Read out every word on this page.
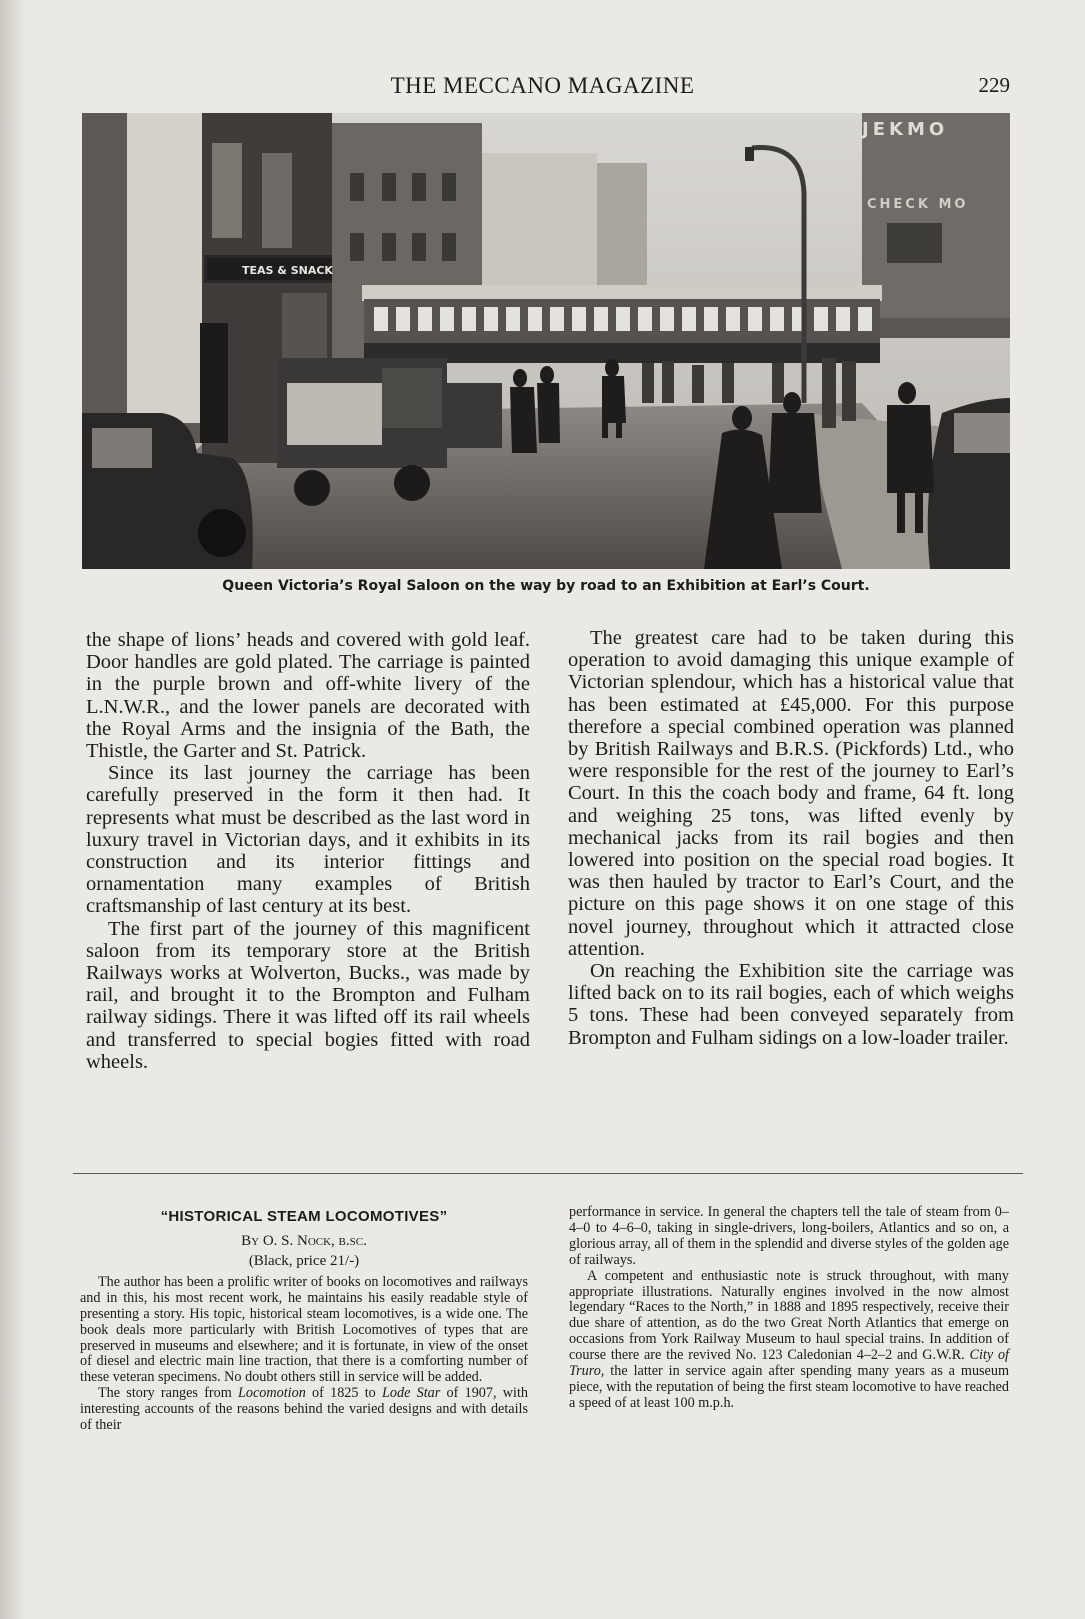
THE MECCANO MAGAZINE	229
TEAS & SNACK
JEKMO
CHECK MO
Queen Victoria’s Royal Saloon on the way by road to an Exhibition at Earl’s Court.

the shape of lions’ heads and covered with gold leaf. Door handles are gold plated. The carriage is painted in the purple brown and off-white livery of the L.N.W.R., and the lower panels are decorated with the Royal Arms and the insignia of the Bath, the Thistle, the Garter and St. Patrick.

Since its last journey the carriage has been carefully preserved in the form it then had. It represents what must be described as the last word in luxury travel in Victorian days, and it exhibits in its construction and its interior fittings and ornamentation many examples of British craftsmanship of last century at its best.

The first part of the journey of this magnificent saloon from its temporary store at the British Railways works at Wolverton, Bucks., was made by rail, and brought it to the Brompton and Fulham railway sidings. There it was lifted off its rail wheels and transferred to special bogies fitted with road wheels.

The greatest care had to be taken during this operation to avoid damaging this unique example of Victorian splendour, which has a historical value that has been estimated at £45,000. For this purpose therefore a special combined operation was planned by British Railways and B.R.S. (Pickfords) Ltd., who were responsible for the rest of the journey to Earl’s Court. In this the coach body and frame, 64 ft. long and weighing 25 tons, was lifted evenly by mechanical jacks from its rail bogies and then lowered into position on the special road bogies. It was then hauled by tractor to Earl’s Court, and the picture on this page shows it on one stage of this novel journey, throughout which it attracted close attention.

On reaching the Exhibition site the carriage was lifted back on to its rail bogies, each of which weighs 5 tons. These had been conveyed separately from Brompton and Fulham sidings on a low-loader trailer.

“HISTORICAL STEAM LOCOMOTIVES”

By O. S. Nock, b.sc.

(Black, price 21/-)

The author has been a prolific writer of books on locomotives and railways and in this, his most recent work, he maintains his easily readable style of presenting a story. His topic, historical steam locomotives, is a wide one. The book deals more particularly with British Locomotives of types that are preserved in museums and elsewhere; and it is fortunate, in view of the onset of diesel and electric main line traction, that there is a comforting number of these veteran specimens. No doubt others still in service will be added.

The story ranges from Locomotion of 1825 to Lode Star of 1907, with interesting accounts of the reasons behind the varied designs and with details of their

performance in service. In general the chapters tell the tale of steam from 0–4–0 to 4–6–0, taking in single-drivers, long-boilers, Atlantics and so on, a glorious array, all of them in the splendid and diverse styles of the golden age of railways.

A competent and enthusiastic note is struck throughout, with many appropriate illustrations. Naturally engines involved in the now almost legendary “Races to the North,” in 1888 and 1895 respectively, receive their due share of attention, as do the two Great North Atlantics that emerge on occasions from York Railway Museum to haul special trains. In addition of course there are the revived No. 123 Caledonian 4–2–2 and G.W.R. City of Truro, the latter in service again after spending many years as a museum piece, with the reputation of being the first steam locomotive to have reached a speed of at least 100 m.p.h.
